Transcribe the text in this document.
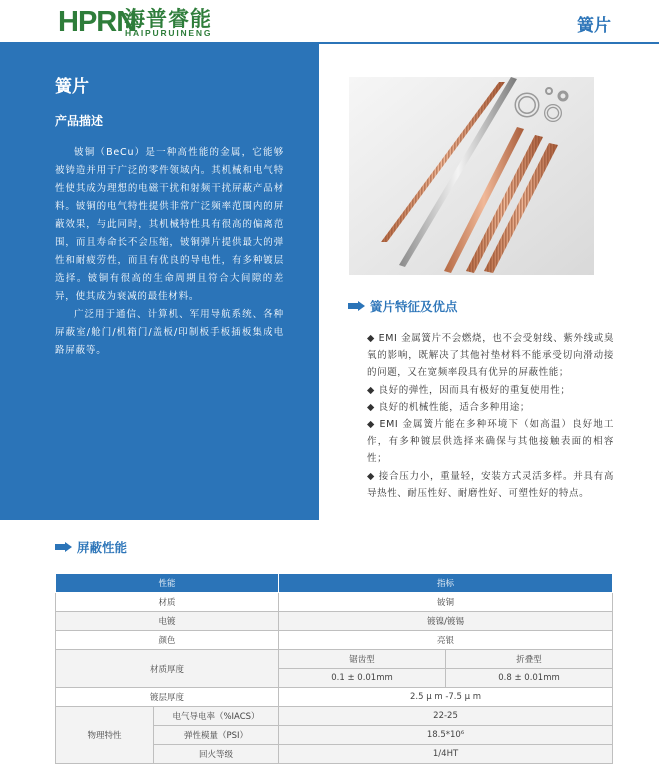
HPRN
海普睿能
HAIPURUINENG	簧片
簧片
产品描述

铍铜（BeCu）是一种高性能的金属，它能够被铸造并用于广泛的零件领域内。其机械和电气特性使其成为理想的电磁干扰和射频干扰屏蔽产品材料。铍铜的电气特性提供非常广泛频率范围内的屏蔽效果，与此同时，其机械特性具有很高的偏离范围，而且寿命长不会压缩，铍铜弹片提供最大的弹性和耐疲劳性，而且有优良的导电性，有多种镀层选择。铍铜有很高的生命周期且符合大间隙的差异，使其成为衰减的最佳材料。

广泛用于通信、计算机、军用导航系统、各种屏蔽室/舱门/机箱门/盖板/印制板手板插板集成电路屏蔽等。

簧片特征及优点

◆ EMI 金属簧片不会燃烧，也不会受射线、紫外线或臭氧的影响，既解决了其他衬垫材料不能承受切向滑动接的问题，又在宽频率段具有优异的屏蔽性能；

◆ 良好的弹性，因而具有极好的重复使用性；

◆ 良好的机械性能，适合多种用途；

◆ EMI 金属簧片能在多种环境下（如高温）良好地工作，有多种镀层供选择来确保与其他接触表面的相容性；

◆ 接合压力小，重量轻，安装方式灵活多样。并具有高导热性、耐压性好、耐磨性好、可塑性好的特点。

屏蔽性能
性能		指标	
材质		铍铜	
电镀		镀镍/镀锡	
颜色		亮银	
材质厚度		锯齿型	折叠型
		0.1 ± 0.01mm	0.8 ± 0.01mm
镀层厚度		2.5 μ m -7.5 μ m	
物理特性	电气导电率（%IACS）	22-25	
	弹性模量（PSI）	18.5*10⁶	
	回火等级	1/4HT	
